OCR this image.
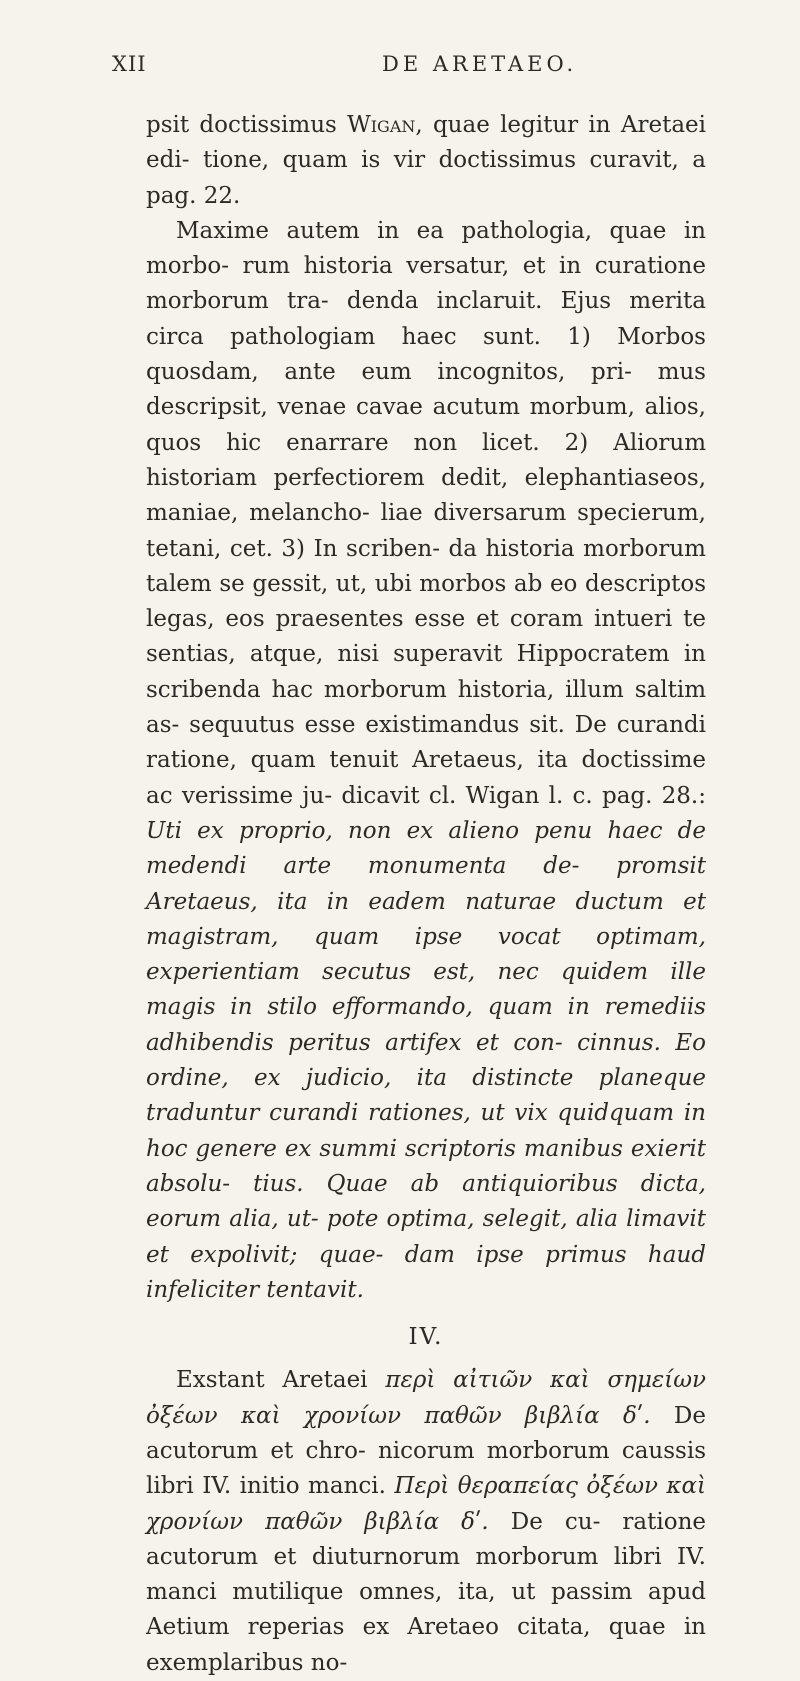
XII	DE ARETAEO.

psit doctissimus Wigan, quae legitur in Aretaei edi- tione, quam is vir doctissimus curavit, a pag. 22.

Maxime autem in ea pathologia, quae in morbo- rum historia versatur, et in curatione morborum tra- denda inclaruit. Ejus merita circa pathologiam haec sunt. 1) Morbos quosdam, ante eum incognitos, pri- mus descripsit, venae cavae acutum morbum, alios, quos hic enarrare non licet. 2) Aliorum historiam perfectiorem dedit, elephantiaseos, maniae, melancho- liae diversarum specierum, tetani, cet. 3) In scriben- da historia morborum talem se gessit, ut, ubi morbos ab eo descriptos legas, eos praesentes esse et coram intueri te sentias, atque, nisi superavit Hippocratem in scribenda hac morborum historia, illum saltim as- sequutus esse existimandus sit. De curandi ratione, quam tenuit Aretaeus, ita doctissime ac verissime ju- dicavit cl. Wigan l. c. pag. 28.: Uti ex proprio, non ex alieno penu haec de medendi arte monumenta de- promsit Aretaeus, ita in eadem naturae ductum et magistram, quam ipse vocat optimam, experientiam secutus est, nec quidem ille magis in stilo efformando, quam in remediis adhibendis peritus artifex et con- cinnus. Eo ordine, ex judicio, ita distincte planeque traduntur curandi rationes, ut vix quidquam in hoc genere ex summi scriptoris manibus exierit absolu- tius. Quae ab antiquioribus dicta, eorum alia, ut- pote optima, selegit, alia limavit et expolivit; quae- dam ipse primus haud infeliciter tentavit.

IV.

Exstant Aretaei περὶ αἰτιῶν καὶ σημείων ὀξέων καὶ χρονίων παθῶν βιβλία δʹ. De acutorum et chro- nicorum morborum caussis libri IV. initio manci. Περὶ θεραπείας ὀξέων καὶ χρονίων παθῶν βιβλία δʹ. De cu- ratione acutorum et diuturnorum morborum libri IV. manci mutilique omnes, ita, ut passim apud Aetium reperias ex Aretaeo citata, quae in exemplaribus no-
